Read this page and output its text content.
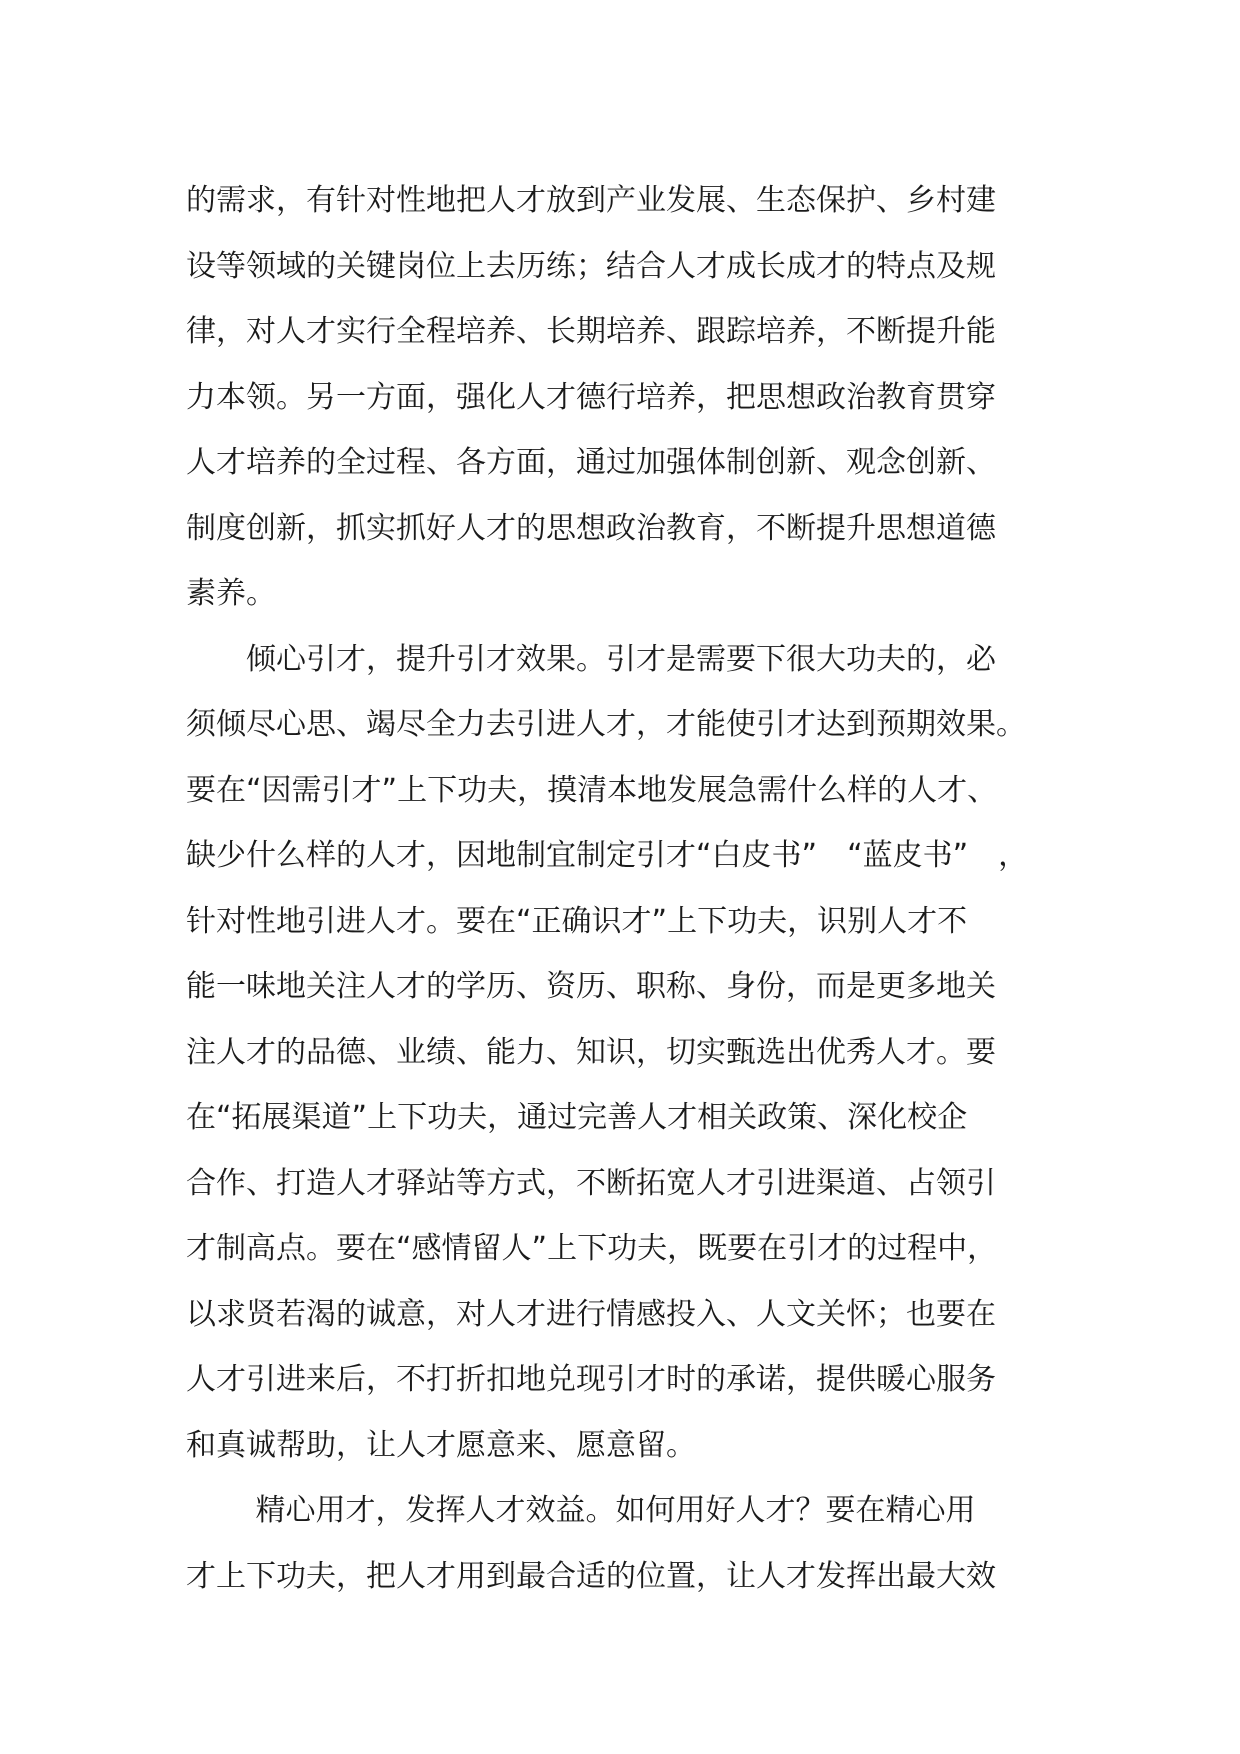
的需求，有针对性地把人才放到产业发展、生态保护、乡村建
设等领域的关键岗位上去历练；结合人才成长成才的特点及规
律，对人才实行全程培养、长期培养、跟踪培养，不断提升能
力本领。另一方面，强化人才德行培养，把思想政治教育贯穿
人才培养的全过程、各方面，通过加强体制创新、观念创新、
制度创新，抓实抓好人才的思想政治教育，不断提升思想道德
素养。
　　倾心引才，提升引才效果。引才是需要下很大功夫的，必
须倾尽心思、竭尽全力去引进人才，才能使引才达到预期效果。
要在“因需引才”上下功夫，摸清本地发展急需什么样的人才、
缺少什么样的人才，因地制宜制定引才“白皮书”　“蓝皮书”　，
针对性地引进人才。要在“正确识才”上下功夫，识别人才不
能一味地关注人才的学历、资历、职称、身份，而是更多地关
注人才的品德、业绩、能力、知识，切实甄选出优秀人才。要
在“拓展渠道”上下功夫，通过完善人才相关政策、深化校企
合作、打造人才驿站等方式，不断拓宽人才引进渠道、占领引
才制高点。要在“感情留人”上下功夫，既要在引才的过程中，
以求贤若渴的诚意，对人才进行情感投入、人文关怀；也要在
人才引进来后，不打折扣地兑现引才时的承诺，提供暖心服务
和真诚帮助，让人才愿意来、愿意留。
　　 精心用才，发挥人才效益。如何用好人才？要在精心用
才上下功夫，把人才用到最合适的位置，让人才发挥出最大效
